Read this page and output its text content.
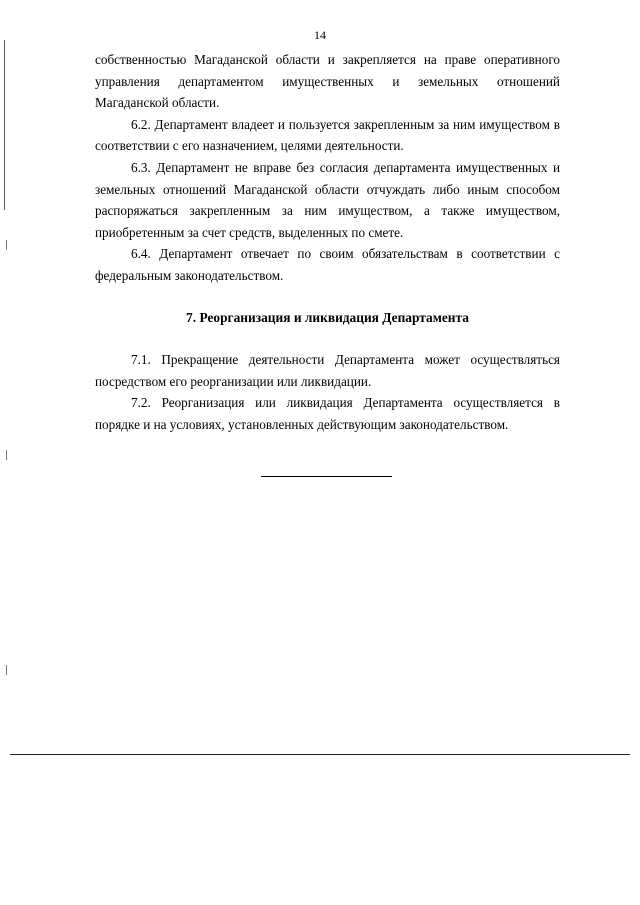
14

собственностью Магаданской области и закрепляется на праве оперативного управления департаментом имущественных и земельных отношений Магаданской области.

6.2. Департамент владеет и пользуется закрепленным за ним имуществом в соответствии с его назначением, целями деятельности.

6.3. Департамент не вправе без согласия департамента имущественных и земельных отношений Магаданской области отчуждать либо иным способом распоряжаться закрепленным за ним имуществом, а также имуществом, приобретенным за счет средств, выделенных по смете.

6.4. Департамент отвечает по своим обязательствам в соответствии с федеральным законодательством.

7. Реорганизация и ликвидация Департамента

7.1. Прекращение деятельности Департамента может осуществляться посредством его реорганизации или ликвидации.

7.2. Реорганизация или ликвидация Департамента осуществляется в порядке и на условиях, установленных действующим законодательством.
